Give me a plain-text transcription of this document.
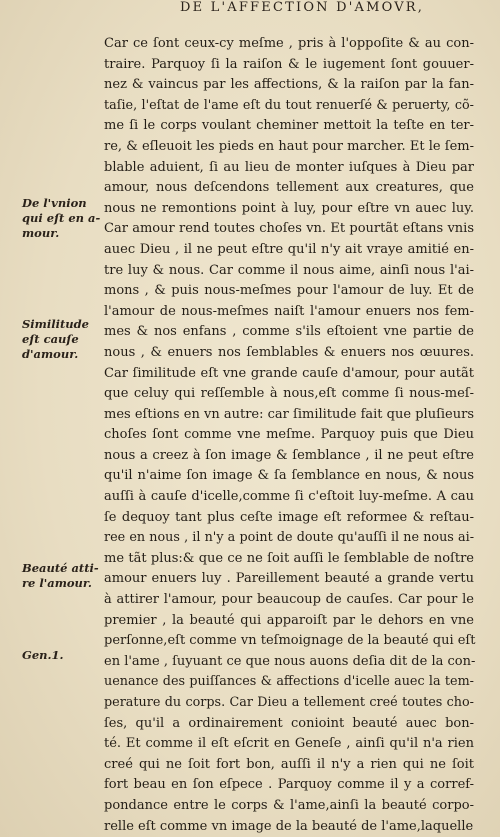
DE L'AFFECTION D'AMOVR,
Car ce ſont ceux-cy meſme , pris à l'oppoſite & au con-
traire. Parquoy ſi la raiſon & le iugement ſont gouuer-
nez & vaincus par les affections, & la raiſon par la fan-
taſie, l'eſtat de l'ame eſt du tout renuerſé & peruerty, cõ-
me ſi le corps voulant cheminer mettoit la teſte en ter-
re, & eſleuoit les pieds en haut pour marcher. Et le ſem-
blable aduient, ſi au lieu de monter iuſques à Dieu par
amour, nous deſcendons tellement aux creatures, que
nous ne remontions point à luy, pour eſtre vn auec luy.
Car amour rend toutes choſes vn. Et pourtãt eſtans vnis
auec Dieu , il ne peut eſtre qu'il n'y ait vraye amitié en-
tre luy & nous. Car comme il nous aime, ainſi nous l'ai-
mons , & puis nous-meſmes pour l'amour de luy. Et de
l'amour de nous-meſmes naiſt l'amour enuers nos fem-
mes & nos enfans , comme s'ils eſtoient vne partie de
nous , & enuers nos ſemblables & enuers nos œuures.
Car ſimilitude eſt vne grande cauſe d'amour, pour autãt
que celuy qui reſſemble à nous,eſt comme ſi nous-meſ-
mes eſtions en vn autre: car ſimilitude fait que pluſieurs
choſes ſont comme vne meſme. Parquoy puis que Dieu
nous a creez à ſon image & ſemblance , il ne peut eſtre
qu'il n'aime ſon image & ſa ſemblance en nous, & nous
auſſi à cauſe d'icelle,comme ſi c'eſtoit luy-meſme. A cau
ſe dequoy tant plus ceſte image eſt reformee & reſtau-
ree en nous , il n'y a point de doute qu'auſſi il ne nous ai-
me tãt plus:& que ce ne ſoit auſſi le ſemblable de noſtre
amour enuers luy . Pareillement beauté a grande vertu
à attirer l'amour, pour beaucoup de cauſes. Car pour le
premier , la beauté qui apparoiſt par le dehors en vne
perſonne,eſt comme vn teſmoignage de la beauté qui eſt
en l'ame , ſuyuant ce que nous auons deſia dit de la con-
uenance des puiſſances & affections d'icelle auec la tem-
perature du corps. Car Dieu a tellement creé toutes cho-
ſes, qu'il a ordinairement conioint beauté auec bon-
té. Et comme il eſt eſcrit en Geneſe , ainſi qu'il n'a rien
creé qui ne ſoit fort bon, auſſi il n'y a rien qui ne ſoit
fort beau en ſon eſpece . Parquoy comme il y a corref-
pondance entre le corps & l'ame,ainſi la beauté corpo-
relle eſt comme vn image de la beauté de l'ame,laquelle
De l'vnion
qui eſt en a-
mour.
Similitude
eſt cauſe
d'amour.
Beauté atti-
re l'amour.
Gen.1.
